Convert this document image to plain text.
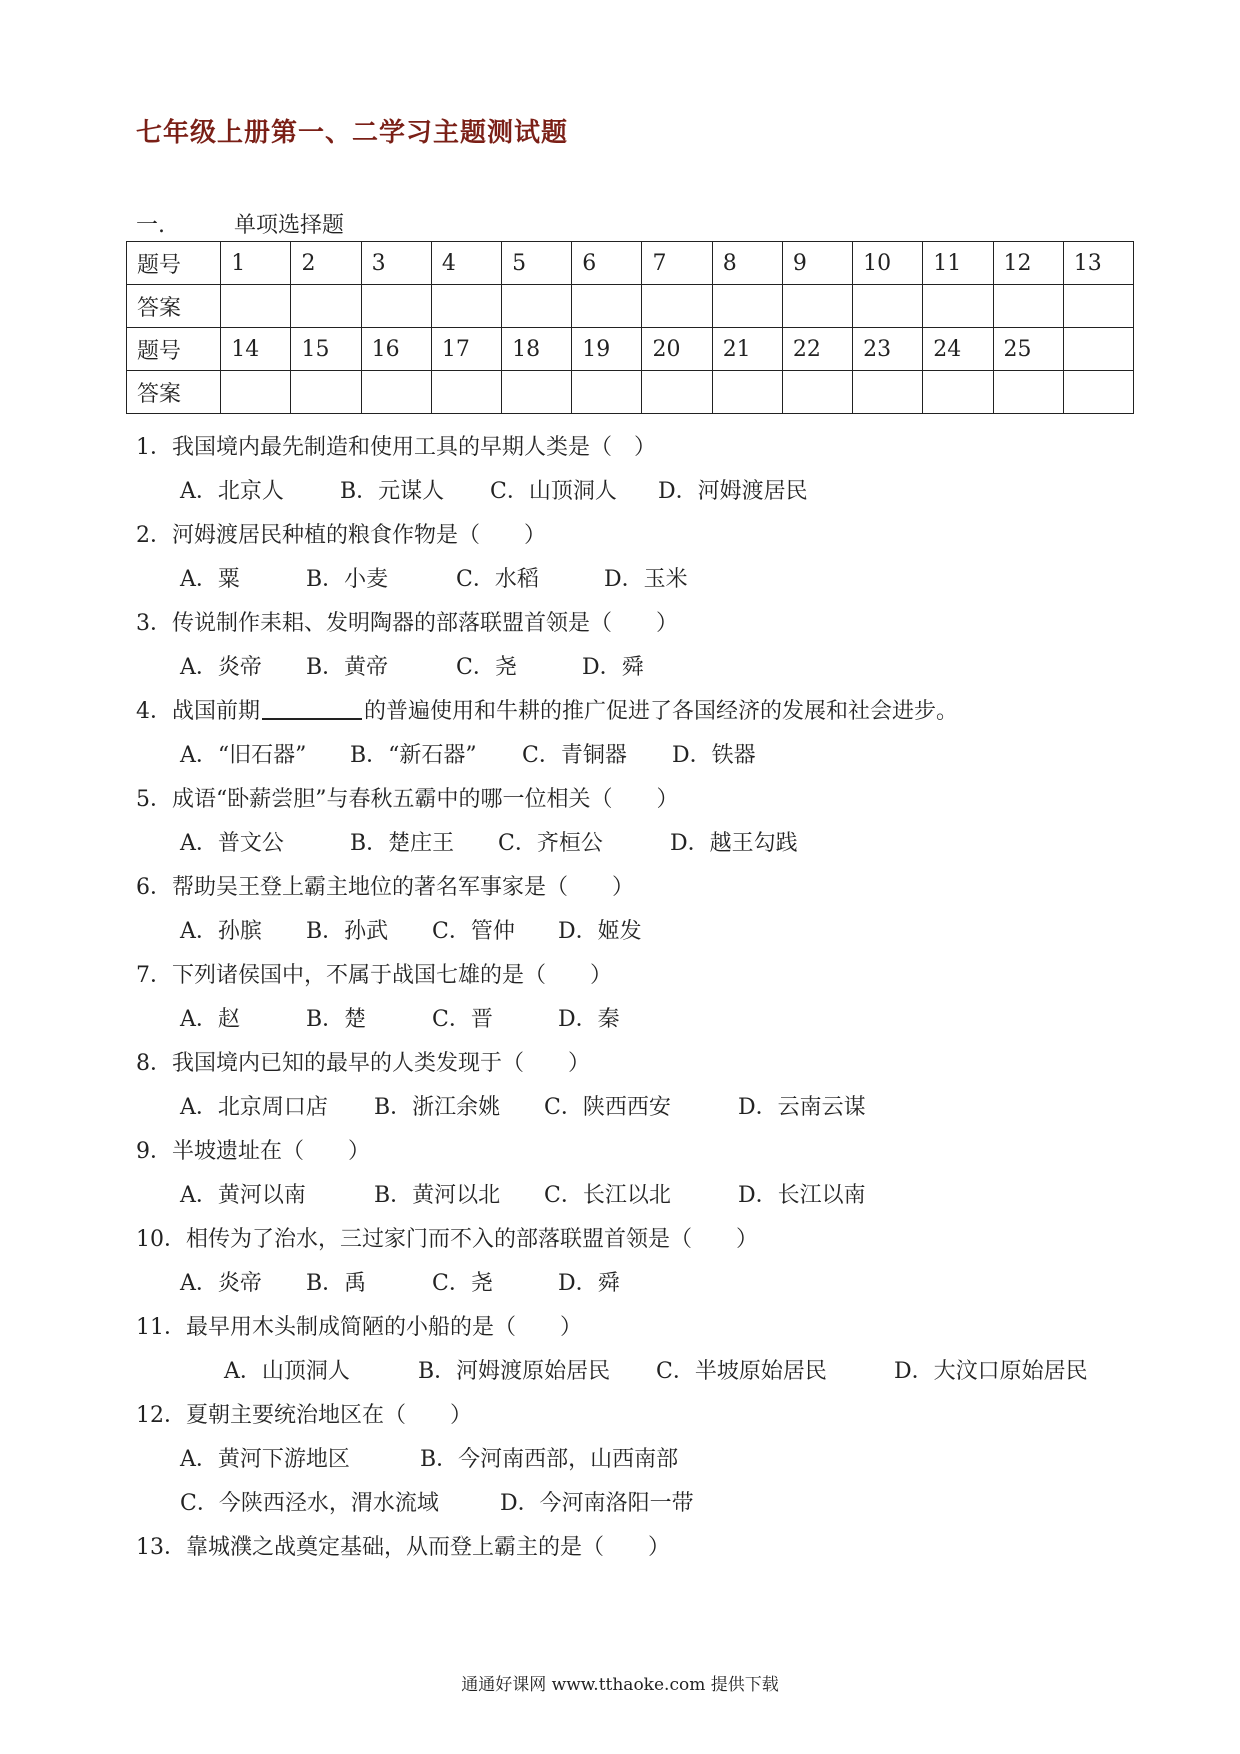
七年级上册第一、二学习主题测试题
一.	单项选择题
题号	1	2	3	4	5	6	7	8	9	10	11	12	13
答案													
题号	14	15	16	17	18	19	20	21	22	23	24	25	
答案													
1．我国境内最先制造和使用工具的早期人类是（　）
A．北京人	B．元谋人 C．山顶洞人 D．河姆渡居民
2．河姆渡居民种植的粮食作物是（　　）
A．粟	B．小麦	C．水稻	D．玉米
3．传说制作耒耜、发明陶器的部落联盟首领是（　　）
A．炎帝 B．黄帝	C．尧	D．舜
4．战国前期	的普遍使用和牛耕的推广促进了各国经济的发展和社会进步。
A．“旧石器” B．“新石器” C．青铜器 D．铁器
5．成语“卧薪尝胆”与春秋五霸中的哪一位相关（　　）
A．普文公	B．楚庄王 C．齐桓公	D．越王勾践
6．帮助吴王登上霸主地位的著名军事家是（　　）
A．孙膑 B．孙武 C．管仲 D．姬发
7．下列诸侯国中，不属于战国七雄的是（　　）
A．赵	B．楚	C．晋	D．秦
8．我国境内已知的最早的人类发现于（　　）
A．北京周口店 B．浙江余姚 C．陕西西安	D．云南云谋
9．半坡遗址在（　　）
A．黄河以南	B．黄河以北 C．长江以北	D．长江以南
10．相传为了治水，三过家门而不入的部落联盟首领是（　　）
A．炎帝 B．禹	C．尧	D．舜
11．最早用木头制成简陋的小船的是（　　）
A．山顶洞人	B．河姆渡原始居民 C．半坡原始居民	D．大汶口原始居民
12．夏朝主要统治地区在（　　）
A．黄河下游地区	B．今河南西部，山西南部
C．今陕西泾水，渭水流域	D．今河南洛阳一带
13．靠城濮之战奠定基础，从而登上霸主的是（　　）
通通好课网 www.tthaoke.com 提供下载
